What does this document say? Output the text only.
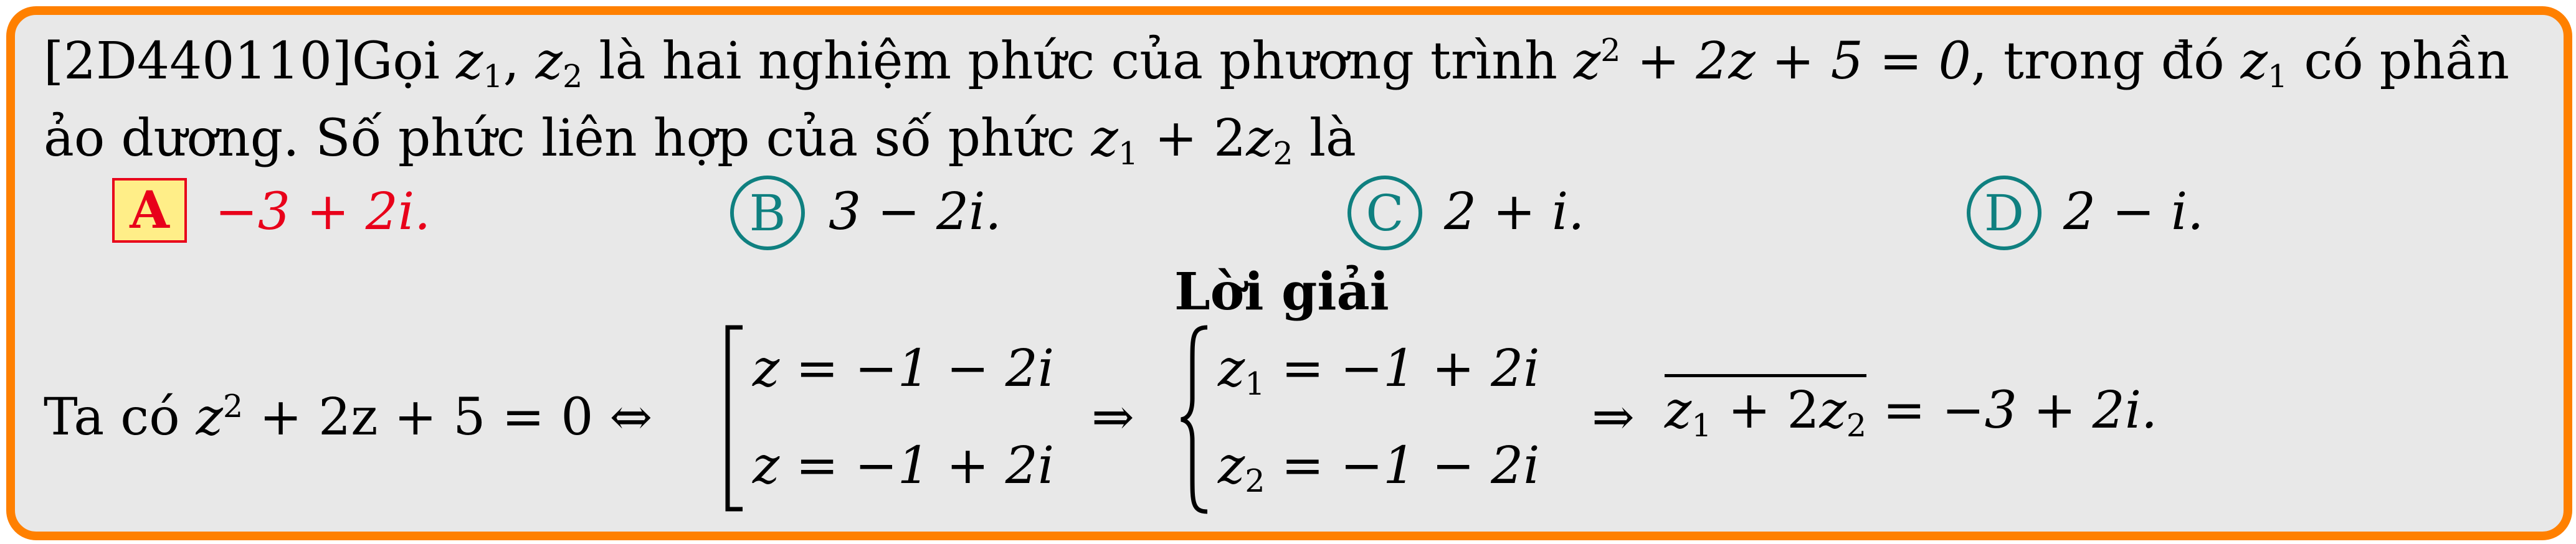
[2D440110]Gọi $z_1$, $z_2$ là hai nghiệm phức của phương trình $z^2 + 2z + 5 = 0$, trong đó $z_1$ có phần
ảo dương. Số phức liên hợp của số phức $z_1 + 2z_2$ là
A −3 + 2i.	B 3 − 2i.	C 2 + i.	D 2 − i.
Lời giải
Ta có $z^2 + 2z + 5 = 0$ ⇔
z = −1 − 2i
z = −1 + 2i
⇒
$z_1 = -1 + 2i$
$z_2 = -1 - 2i$
⇒ $z_1 + 2z_2 = -3 + 2i$.
